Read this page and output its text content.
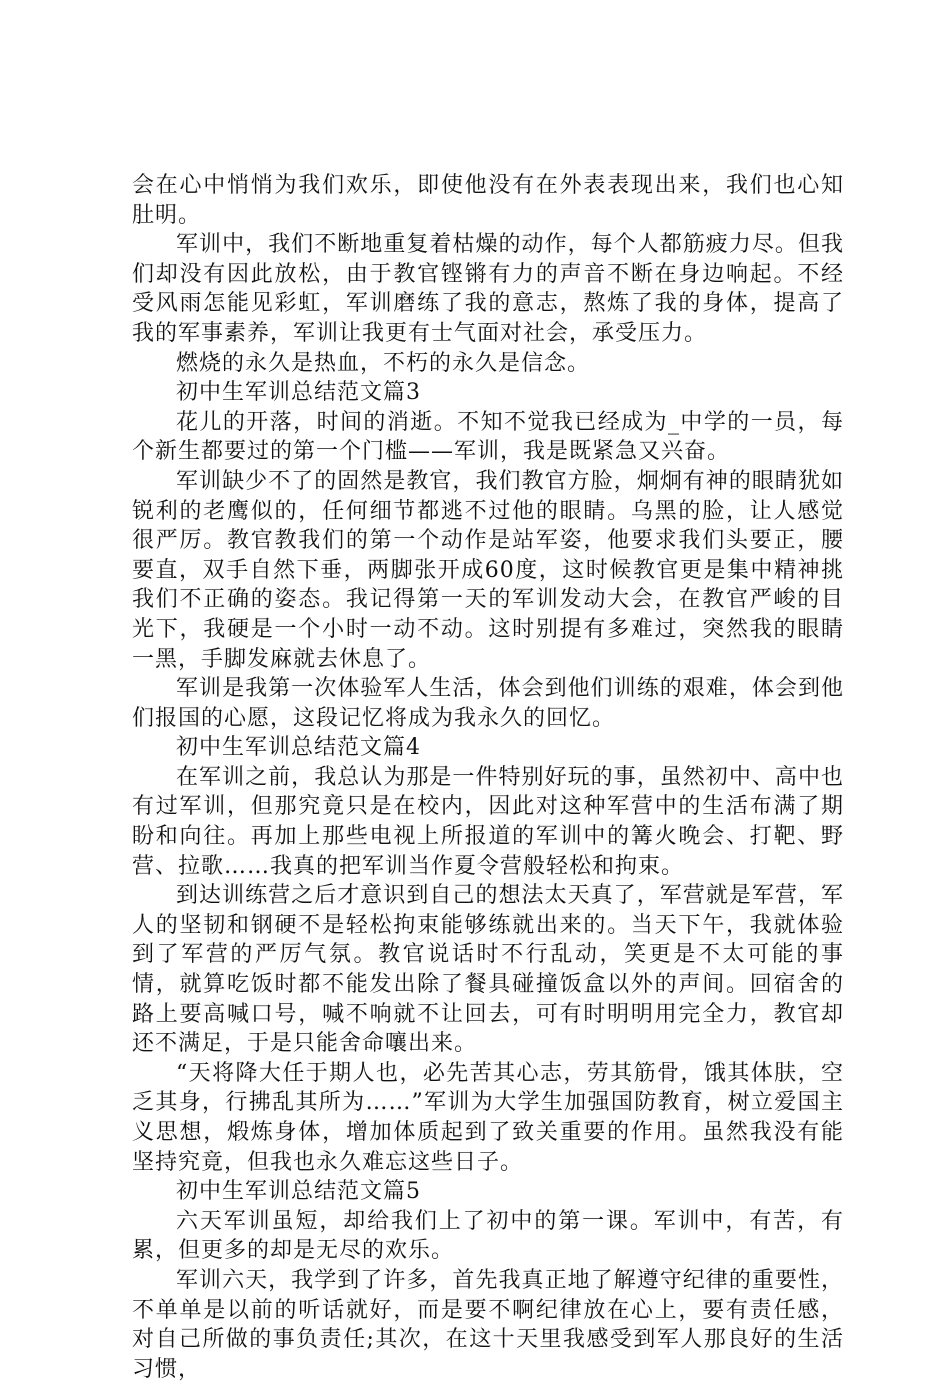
会在心中悄悄为我们欢乐，即使他没有在外表表现出来，我们也心知肚明。

军训中，我们不断地重复着枯燥的动作，每个人都筋疲力尽。但我们却没有因此放松，由于教官铿锵有力的声音不断在身边响起。不经受风雨怎能见彩虹，军训磨练了我的意志，熬炼了我的身体，提高了我的军事素养，军训让我更有士气面对社会，承受压力。

燃烧的永久是热血，不朽的永久是信念。

初中生军训总结范文篇3

花儿的开落，时间的消逝。不知不觉我已经成为_中学的一员，每个新生都要过的第一个门槛——军训，我是既紧急又兴奋。

军训缺少不了的固然是教官，我们教官方脸，炯炯有神的眼睛犹如锐利的老鹰似的，任何细节都逃不过他的眼睛。乌黑的脸，让人感觉很严厉。教官教我们的第一个动作是站军姿，他要求我们头要正，腰要直，双手自然下垂，两脚张开成60度，这时候教官更是集中精神挑我们不正确的姿态。我记得第一天的军训发动大会，在教官严峻的目光下，我硬是一个小时一动不动。这时别提有多难过，突然我的眼睛一黑，手脚发麻就去休息了。

军训是我第一次体验军人生活，体会到他们训练的艰难，体会到他们报国的心愿，这段记忆将成为我永久的回忆。

初中生军训总结范文篇4

在军训之前，我总认为那是一件特别好玩的事，虽然初中、高中也有过军训，但那究竟只是在校内，因此对这种军营中的生活布满了期盼和向往。再加上那些电视上所报道的军训中的篝火晚会、打靶、野营、拉歌……我真的把军训当作夏令营般轻松和拘束。

到达训练营之后才意识到自己的想法太天真了，军营就是军营，军人的坚韧和钢硬不是轻松拘束能够练就出来的。当天下午，我就体验到了军营的严厉气氛。教官说话时不行乱动，笑更是不太可能的事情，就算吃饭时都不能发出除了餐具碰撞饭盒以外的声间。回宿舍的路上要高喊口号，喊不响就不让回去，可有时明明用完全力，教官却还不满足，于是只能舍命嚷出来。

“天将降大任于期人也，必先苦其心志，劳其筋骨，饿其体肤，空乏其身，行拂乱其所为……”军训为大学生加强国防教育，树立爱国主义思想，煅炼身体，增加体质起到了致关重要的作用。虽然我没有能坚持究竟，但我也永久难忘这些日子。

初中生军训总结范文篇5

六天军训虽短，却给我们上了初中的第一课。军训中，有苦，有累，但更多的却是无尽的欢乐。

军训六天，我学到了许多，首先我真正地了解遵守纪律的重要性，不单单是以前的听话就好，而是要不啊纪律放在心上，要有责任感，对自己所做的事负责任;其次，在这十天里我感受到军人那良好的生活习惯，
